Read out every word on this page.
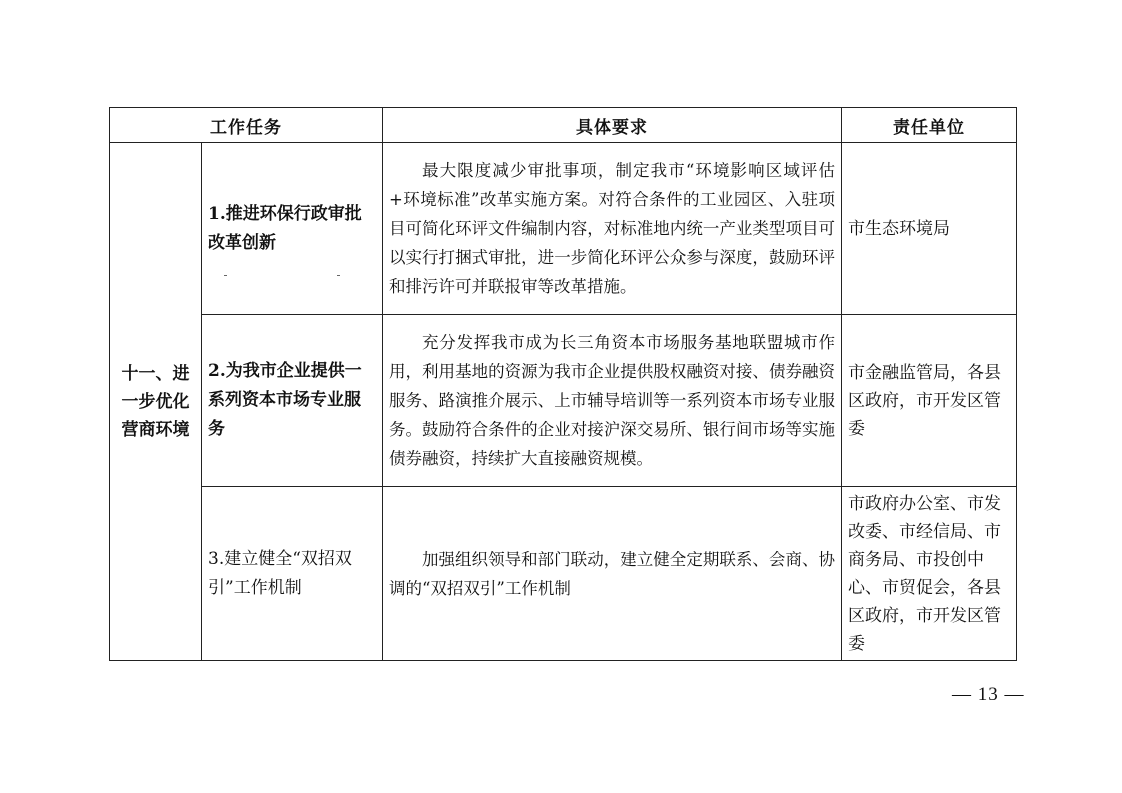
工作任务		具体要求	责任单位
十一、进一步优化营商环境	1.推进环保行政审批改革创新	最大限度减少审批事项，制定我市“环境影响区域评估+环境标准”改革实施方案。对符合条件的工业园区、入驻项目可简化环评文件编制内容，对标准地内统一产业类型项目可以实行打捆式审批，进一步简化环评公众参与深度，鼓励环评和排污许可并联报审等改革措施。	市生态环境局
	2.为我市企业提供一系列资本市场专业服务	充分发挥我市成为长三角资本市场服务基地联盟城市作用，利用基地的资源为我市企业提供股权融资对接、债券融资服务、路演推介展示、上市辅导培训等一系列资本市场专业服务。鼓励符合条件的企业对接沪深交易所、银行间市场等实施债券融资，持续扩大直接融资规模。	市金融监管局，各县区政府，市开发区管委
	3.建立健全“双招双引”工作机制	加强组织领导和部门联动，建立健全定期联系、会商、协调的“双招双引”工作机制	市政府办公室、市发改委、市经信局、市商务局、市投创中心、市贸促会，各县区政府，市开发区管委
— 13 —
